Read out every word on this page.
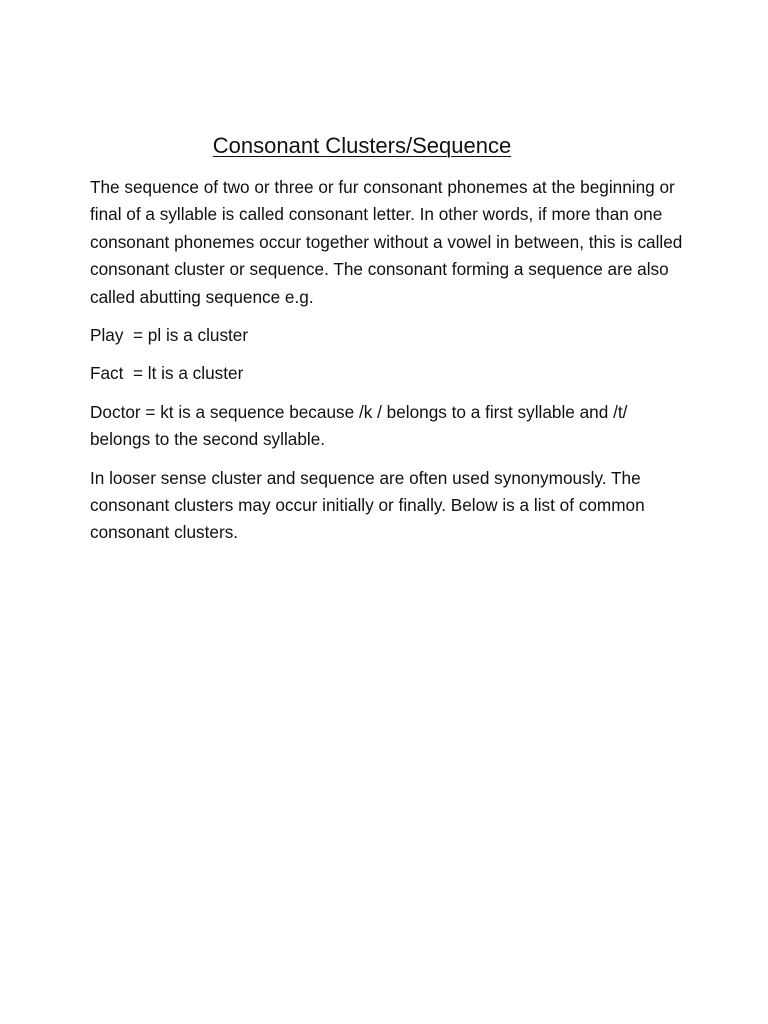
Consonant Clusters/Sequence

The sequence of two or three or fur consonant phonemes at the beginning or final of a syllable is called consonant letter. In other words, if more than one consonant phonemes occur together without a vowel in between, this is called consonant cluster or sequence. The consonant forming a sequence are also called abutting sequence e.g.

Play  = pl is a cluster

Fact  = lt is a cluster

Doctor = kt is a sequence because /k / belongs to a first syllable and /t/ belongs to the second syllable.

In looser sense cluster and sequence are often used synonymously. The consonant clusters may occur initially or finally. Below is a list of common consonant clusters.
